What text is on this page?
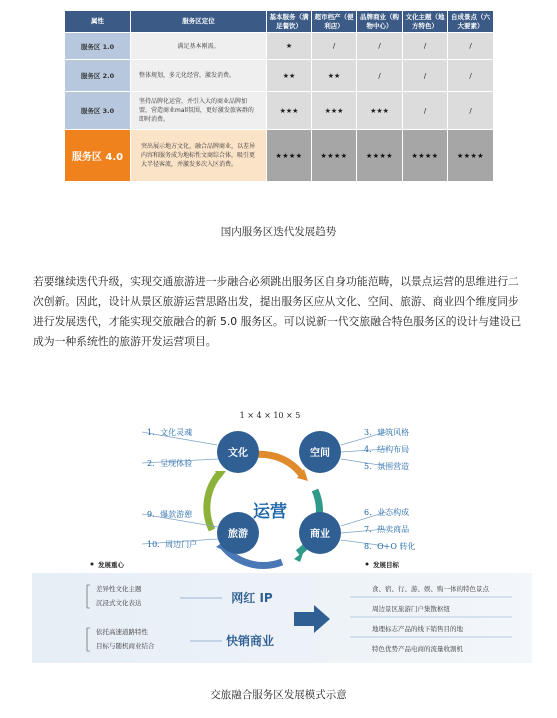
属性	服务区定位	基本服务（满足餐饮）	超市档产（便利店）	品牌商业（购物中心）	文化主题（地方特色）	自成景点（六大要素）
服务区 1.0	满足基本刚需。	★	/	/	/	/
服务区 2.0	整体规划，多元化经营，激发消费。	★★	★★	/	/	/
服务区 3.0	坚持品牌化运营，并引入大的商业品牌加盟，营造商业mall氛围，更好激发旅客群的即时消费。	★★★	★★★	★★★	/	/
服务区 4.0	突出展示地方文化，融合品牌商业，以差异内容和服务成为地标性文商综合体，吸引更大半径客流，并激发多次入区消费。	★★★★	★★★★	★★★★	★★★★	★★★★
国内服务区迭代发展趋势

若要继续迭代升级，实现交通旅游进一步融合必须跳出服务区自身功能范畴，以景点运营的思维进行二次创新。因此，设计从景区旅游运营思路出发，提出服务区应从文化、空间、旅游、商业四个维度同步进行发展迭代，才能实现交旅融合的新 5.0 服务区。可以说新一代交旅融合特色服务区的设计与建设已成为一种系统性的旅游开发运营项目。

1 × 4 × 10 × 5
运营
文化	空间
旅游	商业
1．文化灵魂
2．呈现体验
9．爆款游憩
10．周边门户
3．建筑风格
4．结构布局
5．氛围营造
6．业态构成
7．热卖商品
8．O+O 转化
发展重心	发展目标
差异性文化主题
沉浸式文化表达
依托高速道路特性
目标与随机商业结合
网红 IP
快销商业
食、宿、行、游、娱、购一体的特色景点
周边景区旅游门户集散枢纽
地理标志产品的线下销售目的地
特色优势产品电商的流量收割机
交旅融合服务区发展模式示意
